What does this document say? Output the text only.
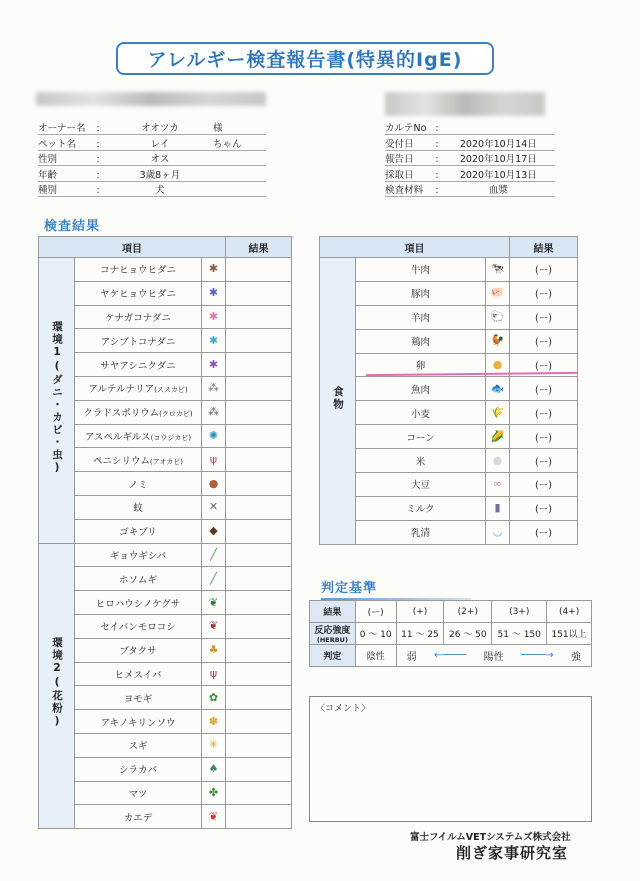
アレルギー検査報告書(特異的IgE)
オーナー名	:	オオツカ	様
ペット名	:	レイ	ちゃん
性別	:	オス
年齢	:	3歳8ヶ月
種別	:	犬
カルテNo :
受付日	:	2020年10月14日
報告日	:	2020年10月17日
採取日	:	2020年10月13日
検査材料	:	血漿
検査結果
項目			結果
環境1(ダニ・カビ・虫)	コナヒョウヒダニ	✱	
	ヤケヒョウヒダニ	✱	
	ケナガコナダニ	✱	
	アシブトコナダニ	✱	
	サヤアシニクダニ	✱	
	アルテルナリア(ススカビ)	⁂	
	クラドスポリウム(クロカビ)	⁂	
	アスペルギルス(コウジカビ)	✺	
	ペニシリウム(アオカビ)	ψ	
	ノミ	●	
	蚊	✕	
	ゴキブリ	◆	
環境2(花粉)	ギョウギシバ	╱	
	ホソムギ	╱	
	ヒロハウシノケグサ	❦	
	セイバンモロコシ	❦	
	ブタクサ	♣	
	ヒメスイバ	ψ	
	ヨモギ	✿	
	アキノキリンソウ	✽	
	スギ	✳	
	シラカバ	♠	
	マツ	✤	
	カエデ	❦	
項目			結果
食物	牛肉	🐄	(ー)
	豚肉	🐖	(ー)
	羊肉	🐑	(ー)
	鶏肉	🐓	(ー)
	卵	●	(ー)
	魚肉	🐟	(ー)
	小麦	🌾	(ー)
	コーン	🌽	(ー)
	米	●	(ー)
	大豆	∞	(ー)
	ミルク	▮	(ー)
	乳清	◡	(ー)
判定基準
結果	(ー)	(+)	(2+)	(3+)	(4+)

反応強度
(HERBU)	0 〜 10	11 〜 25	26 〜 50	51 〜 150	151以上
判定	陰性	弱 ←──── 陽性 ────→ 強			
〈コメント〉
富士フイルムVETシステムズ株式会社
削ぎ家事研究室
